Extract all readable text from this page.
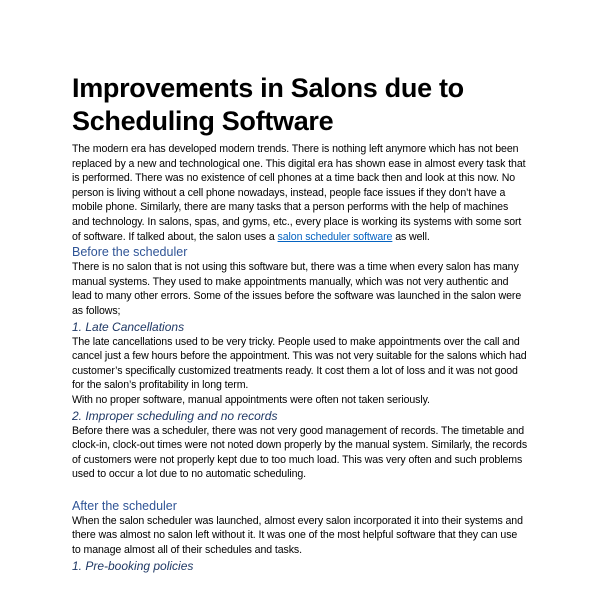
Improvements in Salons due to Scheduling Software

The modern era has developed modern trends. There is nothing left anymore which has not been replaced by a new and technological one. This digital era has shown ease in almost every task that is performed. There was no existence of cell phones at a time back then and look at this now. No person is living without a cell phone nowadays, instead, people face issues if they don’t have a mobile phone. Similarly, there are many tasks that a person performs with the help of machines and technology. In salons, spas, and gyms, etc., every place is working its systems with some sort of software. If talked about, the salon uses a salon scheduler software as well.

Before the scheduler

There is no salon that is not using this software but, there was a time when every salon has many manual systems. They used to make appointments manually, which was not very authentic and lead to many other errors. Some of the issues before the software was launched in the salon were as follows;

1. Late Cancellations

The late cancellations used to be very tricky. People used to make appointments over the call and cancel just a few hours before the appointment. This was not very suitable for the salons which had customer’s specifically customized treatments ready. It cost them a lot of loss and it was not good for the salon’s profitability in long term.

With no proper software, manual appointments were often not taken seriously.

2. Improper scheduling and no records

Before there was a scheduler, there was not very good management of records. The timetable and clock-in, clock-out times were not noted down properly by the manual system. Similarly, the records of customers were not properly kept due to too much load. This was very often and such problems used to occur a lot due to no automatic scheduling.

After the scheduler

When the salon scheduler was launched, almost every salon incorporated it into their systems and there was almost no salon left without it. It was one of the most helpful software that they can use to manage almost all of their schedules and tasks.

1. Pre-booking policies
